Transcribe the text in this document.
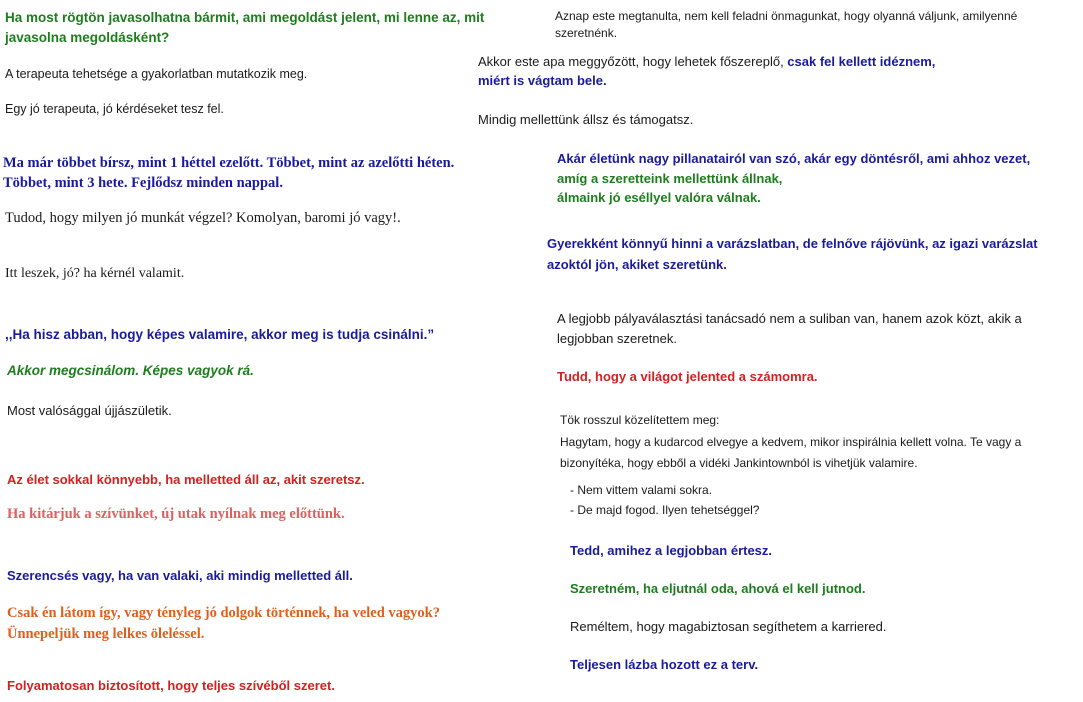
Ha most rögtön javasolhatna bármit, ami megoldást jelent, mi lenne az, mit

javasolna megoldásként?

A terapeuta tehetsége a gyakorlatban mutatkozik meg.

Egy jó terapeuta, jó kérdéseket tesz fel.

Ma már többet bírsz, mint 1 héttel ezelőtt. Többet, mint az azelőtti héten.

Többet, mint 3 hete. Fejlődsz minden nappal.

Tudod, hogy milyen jó munkát végzel? Komolyan, baromi jó vagy!.

Itt leszek, jó? ha kérnél valamit.

,,Ha hisz abban, hogy képes valamire, akkor meg is tudja csinálni.”

Akkor megcsinálom. Képes vagyok rá.

Most valósággal újjászületik.

Az élet sokkal könnyebb, ha melletted áll az, akit szeretsz.

Ha kitárjuk a szívünket, új utak nyílnak meg előttünk.

Szerencsés vagy, ha van valaki, aki mindig melletted áll.

Csak én látom így, vagy tényleg jó dolgok történnek, ha veled vagyok?

Ünnepeljük meg lelkes öleléssel.

Folyamatosan biztosított, hogy teljes szívéből szeret.

Aznap este megtanulta, nem kell feladni önmagunkat, hogy olyanná váljunk, amilyenné

szeretnénk.

Akkor este apa meggyőzött, hogy lehetek főszereplő, csak fel kellett idéznem,

miért is vágtam bele.

Mindig mellettünk állsz és támogatsz.

Akár életünk nagy pillanatairól van szó, akár egy döntésről, ami ahhoz vezet,

amíg a szeretteink mellettünk állnak,

álmaink jó eséllyel valóra válnak.

Gyerekként könnyű hinni a varázslatban, de felnőve rájövünk, az igazi varázslat

azoktól jön, akiket szeretünk.

A legjobb pályaválasztási tanácsadó nem a suliban van, hanem azok közt, akik a

legjobban szeretnek.

Tudd, hogy a világot jelented a számomra.

Tök rosszul közelítettem meg:

Hagytam, hogy a kudarcod elvegye a kedvem, mikor inspirálnia kellett volna. Te vagy a

bizonyítéka, hogy ebből a vidéki Jankintownból is vihetjük valamire.

- Nem vittem valami sokra.

- De majd fogod. Ilyen tehetséggel?

Tedd, amihez a legjobban értesz.

Szeretném, ha eljutnál oda, ahová el kell jutnod.

Reméltem, hogy magabiztosan segíthetem a karriered.

Teljesen lázba hozott ez a terv.
